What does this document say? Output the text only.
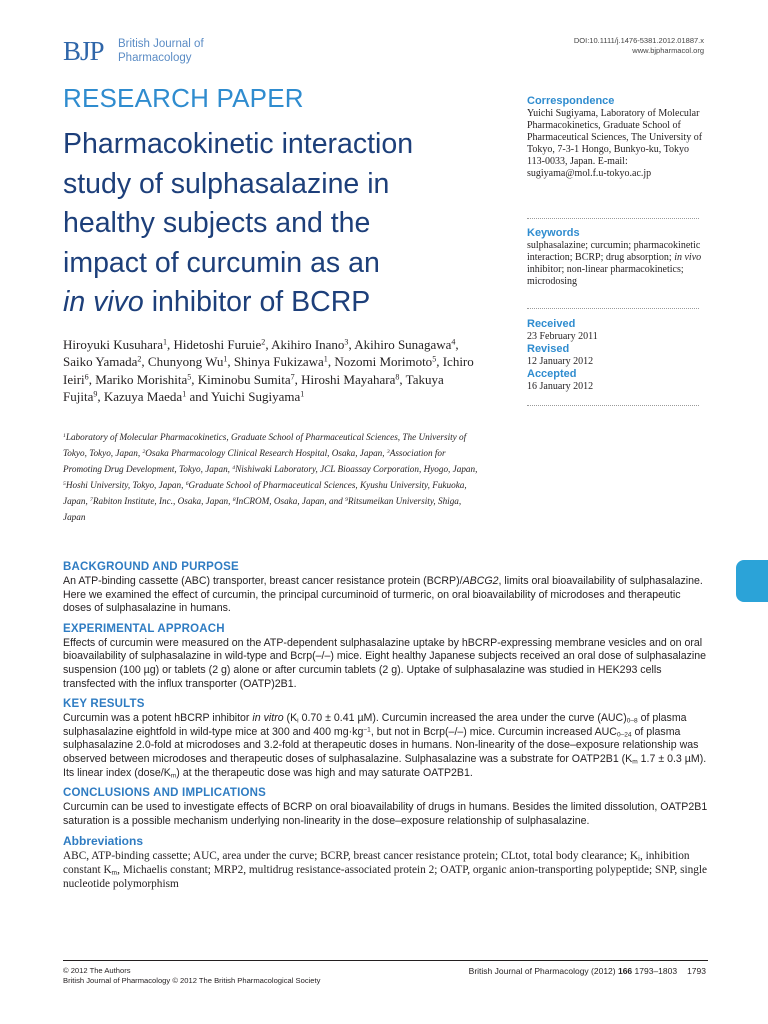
BJP British Journal of
Pharmacology
DOI:10.1111/j.1476-5381.2012.01887.x
www.bjpharmacol.org
RESEARCH PAPER
Pharmacokinetic interaction
study of sulphasalazine in
healthy subjects and the
impact of curcumin as an
in vivo inhibitor of BCRP
Hiroyuki Kusuhara$^1$, Hidetoshi Furuie$^2$, Akihiro Inano$^3$, Akihiro Sunagawa$^4$, Saiko Yamada$^2$, Chunyong Wu$^1$, Shinya Fukizawa$^1$, Nozomi Morimoto$^5$, Ichiro Ieiri$^6$, Mariko Morishita$^5$, Kiminobu Sumita$^7$, Hiroshi Mayahara$^8$, Takuya Fujita$^9$, Kazuya Maeda$^1$ and Yuichi Sugiyama$^1$
$^1$Laboratory of Molecular Pharmacokinetics, Graduate School of Pharmaceutical Sciences, The University of Tokyo, Tokyo, Japan, $^2$Osaka Pharmacology Clinical Research Hospital, Osaka, Japan, $^3$Association for Promoting Drug Development, Tokyo, Japan, $^4$Nishiwaki Laboratory, JCL Bioassay Corporation, Hyogo, Japan, $^5$Hoshi University, Tokyo, Japan, $^6$Graduate School of Pharmaceutical Sciences, Kyushu University, Fukuoka, Japan, $^7$Rabiton Institute, Inc., Osaka, Japan, $^8$InCROM, Osaka, Japan, and $^9$Ritsumeikan University, Shiga, Japan
Correspondence
Yuichi Sugiyama, Laboratory of Molecular Pharmacokinetics, Graduate School of Pharmaceutical Sciences, The University of Tokyo, 7-3-1 Hongo, Bunkyo-ku, Tokyo 113-0033, Japan. E-mail: sugiyama@mol.f.u-tokyo.ac.jp
Keywords
sulphasalazine; curcumin; pharmacokinetic interaction; BCRP; drug absorption; in vivo inhibitor; non-linear pharmacokinetics; microdosing
Received
23 February 2011
Revised
12 January 2012
Accepted
16 January 2012
BACKGROUND AND PURPOSE

An ATP-binding cassette (ABC) transporter, breast cancer resistance protein (BCRP)/ABCG2, limits oral bioavailability of sulphasalazine. Here we examined the effect of curcumin, the principal curcuminoid of turmeric, on oral bioavailability of microdoses and therapeutic doses of sulphasalazine in humans.

EXPERIMENTAL APPROACH

Effects of curcumin were measured on the ATP-dependent sulphasalazine uptake by hBCRP-expressing membrane vesicles and on oral bioavailability of sulphasalazine in wild-type and Bcrp(–/–) mice. Eight healthy Japanese subjects received an oral dose of sulphasalazine suspension (100 µg) or tablets (2 g) alone or after curcumin tablets (2 g). Uptake of sulphasalazine was studied in HEK293 cells transfected with the influx transporter (OATP)2B1.

KEY RESULTS

Curcumin was a potent hBCRP inhibitor in vitro ($K_i$ 0.70 ± 0.41 µM). Curcumin increased the area under the curve $(AUC)_{0-8}$ of plasma sulphasalazine eightfold in wild-type mice at 300 and 400 $mg\cdot kg^{-1}$, but not in Bcrp(–/–) mice. Curcumin increased $AUC_{0-24}$ of plasma sulphasalazine 2.0-fold at microdoses and 3.2-fold at therapeutic doses in humans. Non-linearity of the dose–exposure relationship was observed between microdoses and therapeutic doses of sulphasalazine. Sulphasalazine was a substrate for OATP2B1 ($K_m$ 1.7 ± 0.3 µM). Its linear index $(dose/K_m)$ at the therapeutic dose was high and may saturate OATP2B1.

CONCLUSIONS AND IMPLICATIONS

Curcumin can be used to investigate effects of BCRP on oral bioavailability of drugs in humans. Besides the limited dissolution, OATP2B1 saturation is a possible mechanism underlying non-linearity in the dose–exposure relationship of sulphasalazine.

Abbreviations

ABC, ATP-binding cassette; AUC, area under the curve; BCRP, breast cancer resistance protein; CLtot, total body clearance; $K_i$, inhibition constant $K_m$, Michaelis constant; MRP2, multidrug resistance-associated protein 2; OATP, organic anion-transporting polypeptide; SNP, single nucleotide polymorphism

© 2012 The Authors
British Journal of Pharmacology © 2012 The British Pharmacological Society
British Journal of Pharmacology (2012) 166 1793–1803 1793
